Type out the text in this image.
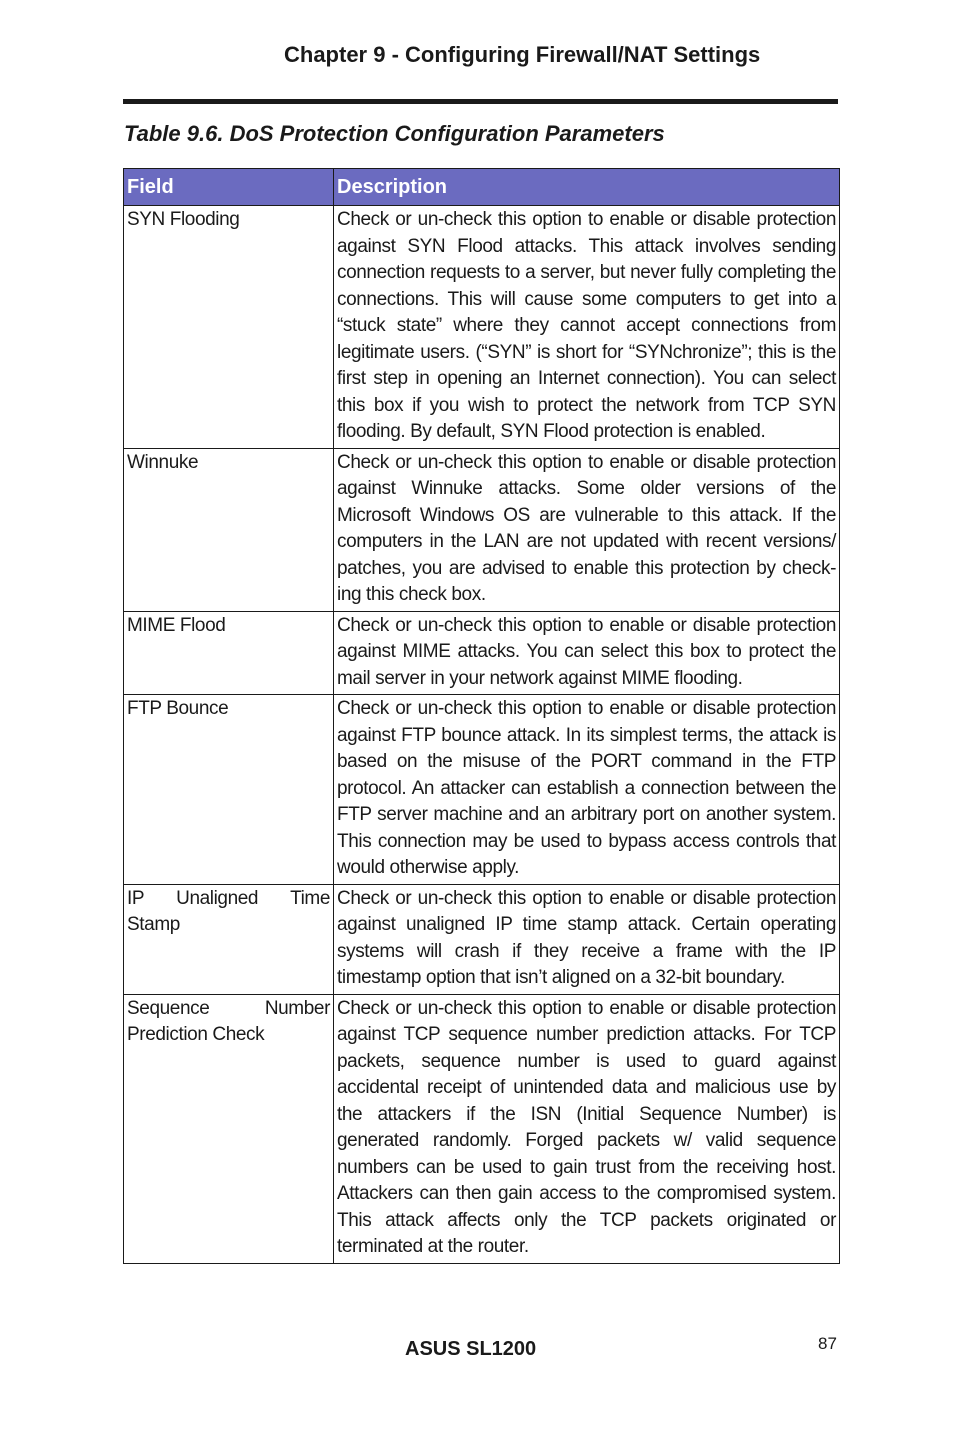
Chapter 9 - Configuring Firewall/NAT Settings
Table 9.6. DoS Protection Configuration Parameters
Field	Description
SYN Flooding	Check or un-check this option to enable or disable protection against SYN Flood attacks. This attack involves sending connection requests to a server, but never fully completing the connections. This will cause some computers to get into a “stuck state” where they cannot accept connections from legitimate users. (“SYN” is short for “SYNchronize”; this is the first step in opening an Internet connection). You can select this box if you wish to protect the network from TCP SYN flooding. By default, SYN Flood protection is enabled.
Winnuke	Check or un-check this option to enable or disable protection against Winnuke attacks. Some older versions of the Microsoft Windows OS are vulnerable to this attack. If the computers in the LAN are not updated with recent versions/ patches, you are advised to enable this protection by check-ing this check box.
MIME Flood	Check or un-check this option to enable or disable protection against MIME attacks. You can select this box to protect the mail server in your network against MIME flooding.
FTP Bounce	Check or un-check this option to enable or disable protection against FTP bounce attack. In its simplest terms, the attack is based on the misuse of the PORT command in the FTP protocol. An attacker can establish a connection between the FTP server machine and an arbitrary port on another system. This connection may be used to bypass access controls that would otherwise apply.
IP Unaligned Time Stamp	Check or un-check this option to enable or disable protection against unaligned IP time stamp attack. Certain operating systems will crash if they receive a frame with the IP timestamp option that isn’t aligned on a 32-bit boundary.
Sequence Number Prediction Check	Check or un-check this option to enable or disable protection against TCP sequence number prediction attacks. For TCP packets, sequence number is used to guard against accidental receipt of unintended data and malicious use by the attackers if the ISN (Initial Sequence Number) is generated randomly. Forged packets w/ valid sequence numbers can be used to gain trust from the receiving host. Attackers can then gain access to the compromised system. This attack affects only the TCP packets originated or terminated at the router.
ASUS SL1200	87
